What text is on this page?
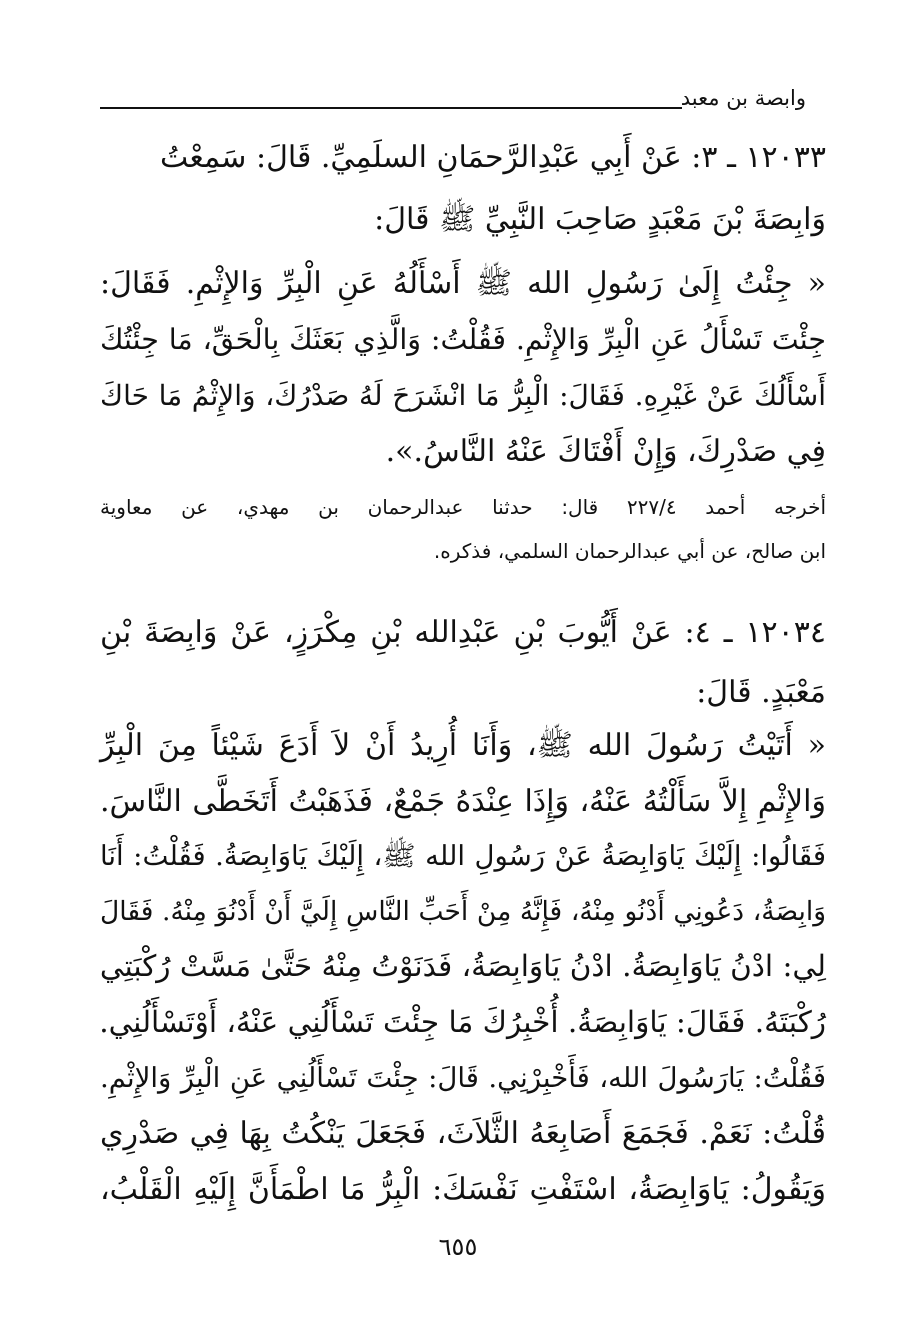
وابصة بن معبد
١٢٠٣٣ ـ ٣: عَنْ أَبِي عَبْدِالرَّحمَانِ السلَمِيِّ. قَالَ: سَمِعْتُ
وَابِصَةَ بْنَ مَعْبَدٍ صَاحِبَ النَّبِيِّ ﷺ قَالَ:
« جِئْتُ إِلَىٰ رَسُولِ الله ﷺ أَسْأَلُهُ عَنِ الْبِرِّ وَالإِثْمِ. فَقَالَ:
جِئْتَ تَسْأَلُ عَنِ الْبِرِّ وَالإِثْمِ. فَقُلْتُ: وَالَّذِي بَعَثَكَ بِالْحَقِّ، مَا جِئْتُكَ
أَسْأَلُكَ عَنْ غَيْرِهِ. فَقَالَ: الْبِرُّ مَا انْشَرَحَ لَهُ صَدْرُكَ، وَالإِثْمُ مَا حَاكَ
فِي صَدْرِكَ، وَإِنْ أَفْتَاكَ عَنْهُ النَّاسُ.».
أخرجه أحمد ٢٢٧/٤ قال: حدثنا عبدالرحمان بن مهدي، عن معاوية
ابن صالح، عن أبي عبدالرحمان السلمي، فذكره.
١٢٠٣٤ ـ ٤: عَنْ أَيُّوبَ بْنِ عَبْدِالله بْنِ مِكْرَزٍ، عَنْ وَابِصَةَ بْنِ
مَعْبَدٍ. قَالَ:
« أَتَيْتُ رَسُولَ الله ﷺ، وَأَنَا أُرِيدُ أَنْ لاَ أَدَعَ شَيْئاً مِنَ الْبِرِّ
وَالإِثْمِ إِلاَّ سَأَلْتُهُ عَنْهُ، وَإِذَا عِنْدَهُ جَمْعٌ، فَذَهَبْتُ أَتَخَطَّى النَّاسَ.
فَقَالُوا: إِلَيْكَ يَاوَابِصَةُ عَنْ رَسُولِ الله ﷺ، إِلَيْكَ يَاوَابِصَةُ. فَقُلْتُ: أَنَا
وَابِصَةُ، دَعُونِي أَدْنُو مِنْهُ، فَإِنَّهُ مِنْ أَحَبِّ النَّاسِ إِلَيَّ أَنْ أَدْنُوَ مِنْهُ. فَقَالَ
لِي: ادْنُ يَاوَابِصَةُ. ادْنُ يَاوَابِصَةُ، فَدَنَوْتُ مِنْهُ حَتَّىٰ مَسَّتْ رُكْبَتِي
رُكْبَتَهُ. فَقَالَ: يَاوَابِصَةُ. أُخْبِرُكَ مَا جِئْتَ تَسْأَلُنِي عَنْهُ، أَوْتَسْأَلُنِي.
فَقُلْتُ: يَارَسُولَ الله، فَأَخْبِرْنِي. قَالَ: جِئْتَ تَسْأَلُنِي عَنِ الْبِرِّ وَالإِثْمِ.
قُلْتُ: نَعَمْ. فَجَمَعَ أَصَابِعَهُ الثَّلاَثَ، فَجَعَلَ يَنْكُتُ بِهَا فِي صَدْرِي
وَيَقُولُ: يَاوَابِصَةُ، اسْتَفْتِ نَفْسَكَ: الْبِرُّ مَا اطْمَأَنَّ إِلَيْهِ الْقَلْبُ،
٦٥٥
